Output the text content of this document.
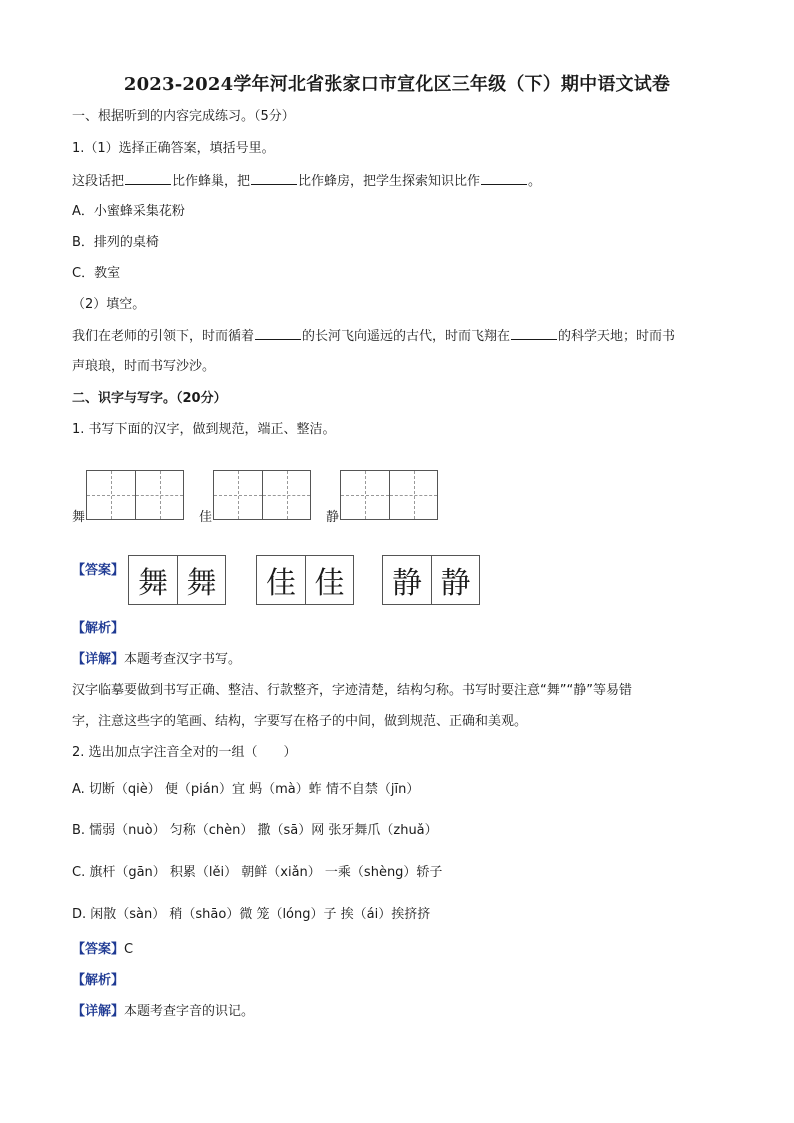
2023-2024学年河北省张家口市宣化区三年级（下）期中语文试卷
一、根据听到的内容完成练习。（5分）
1.（1）选择正确答案，填括号里。
这段话把	比作蜂巢，把	比作蜂房，把学生探索知识比作	。
A．小蜜蜂采集花粉
B．排列的桌椅
C．教室
（2）填空。
我们在老师的引领下，时而循着	的长河飞向遥远的古代，时而飞翔在	的科学天地；时而书
声琅琅，时而书写沙沙。
二、识字与写字。（20分）
1. 书写下面的汉字，做到规范，端正、整洁。
舞	佳	静
【答案】 舞 舞	佳 佳	静 静
【解析】
【详解】本题考查汉字书写。
汉字临摹要做到书写正确、整洁、行款整齐，字迹清楚，结构匀称。书写时要注意“舞”“静”等易错
字，注意这些字的笔画、结构，字要写在格子的中间，做到规范、正确和美观。
2. 选出加点字注音全对的一组（　　）
A. 切断（qiè） 便（pián）宜 蚂（mà）蚱 情不自禁（jīn）
B. 懦弱（nuò） 匀称（chèn） 撒（sā）网 张牙舞爪（zhuǎ）
C. 旗杆（gān） 积累（lěi） 朝鲜（xiǎn） 一乘（shèng）轿子
D. 闲散（sàn） 稍（shāo）微 笼（lóng）子 挨（ái）挨挤挤
【答案】C
【解析】
【详解】本题考查字音的识记。
